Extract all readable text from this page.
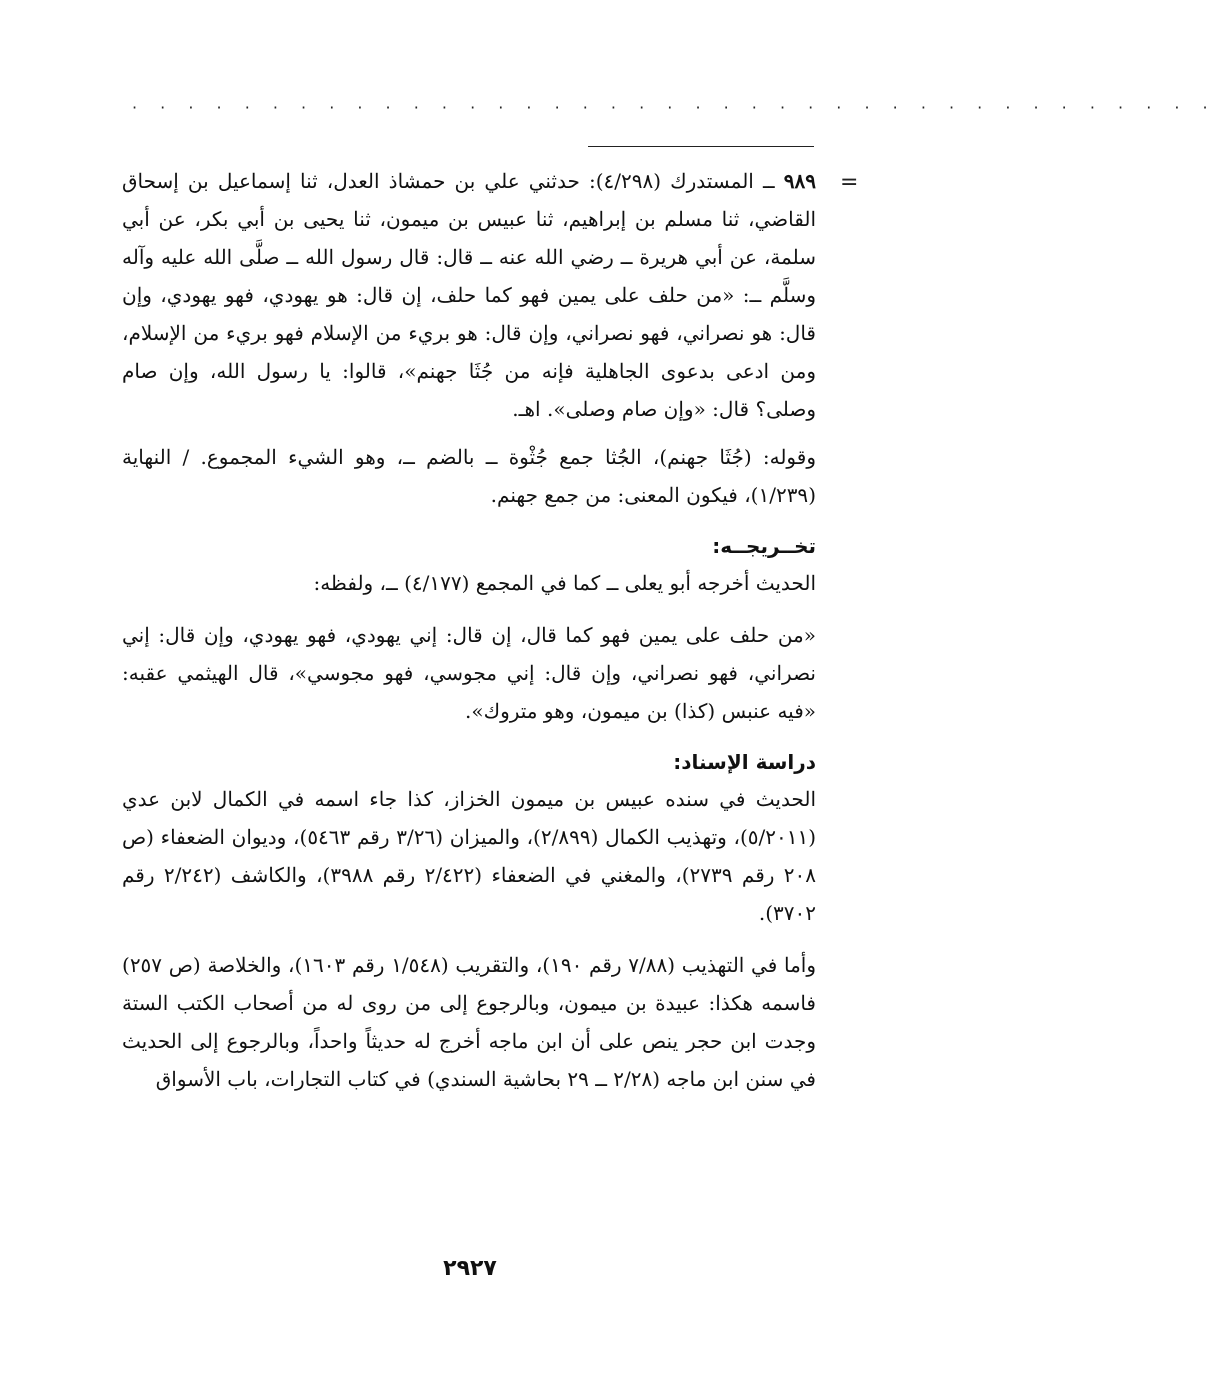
· · · · · · · · · · · · · · · · · · · · · · · · · · · · · · · · · · · · · · ·
=

٩٨٩ ــ المستدرك (٤/٢٩٨): حدثني علي بن حمشاذ العدل، ثنا إسماعيل بن إسحاق القاضي، ثنا مسلم بن إبراهيم، ثنا عبيس بن ميمون، ثنا يحيى بن أبي بكر، عن أبي سلمة، عن أبي هريرة ــ رضي الله عنه ــ قال: قال رسول الله ــ صلَّى الله عليه وآله وسلَّم ــ: «من حلف على يمين فهو كما حلف، إن قال: هو يهودي، فهو يهودي، وإن قال: هو نصراني، فهو نصراني، وإن قال: هو بريء من الإسلام فهو بريء من الإسلام، ومن ادعى بدعوى الجاهلية فإنه من جُثَا جهنم»، قالوا: يا رسول الله، وإن صام وصلى؟ قال: «وإن صام وصلى». اهـ.

وقوله: (جُثَا جهنم)، الجُثا جمع جُثْوة ــ بالضم ــ، وهو الشيء المجموع. / النهاية (١/٢٣٩)، فيكون المعنى: من جمع جهنم.

تخــريجــه:

الحديث أخرجه أبو يعلى ــ كما في المجمع (٤/١٧٧) ــ، ولفظه:

«من حلف على يمين فهو كما قال، إن قال: إني يهودي، فهو يهودي، وإن قال: إني نصراني، فهو نصراني، وإن قال: إني مجوسي، فهو مجوسي»، قال الهيثمي عقبه: «فيه عنبس (كذا) بن ميمون، وهو متروك».

دراسة الإسناد:

الحديث في سنده عبيس بن ميمون الخزاز، كذا جاء اسمه في الكمال لابن عدي (٥/٢٠١١)، وتهذيب الكمال (٢/٨٩٩)، والميزان (٣/٢٦ رقم ٥٤٦٣)، وديوان الضعفاء (ص ٢٠٨ رقم ٢٧٣٩)، والمغني في الضعفاء (٢/٤٢٢ رقم ٣٩٨٨)، والكاشف (٢/٢٤٢ رقم ٣٧٠٢).

وأما في التهذيب (٧/٨٨ رقم ١٩٠)، والتقريب (١/٥٤٨ رقم ١٦٠٣)، والخلاصة (ص ٢٥٧) فاسمه هكذا: عبيدة بن ميمون، وبالرجوع إلى من روى له من أصحاب الكتب الستة وجدت ابن حجر ينص على أن ابن ماجه أخرج له حديثاً واحداً، وبالرجوع إلى الحديث في سنن ابن ماجه (٢/٢٨ ــ ٢٩ بحاشية السندي) في كتاب التجارات، باب الأسواق

٢٩٢٧
